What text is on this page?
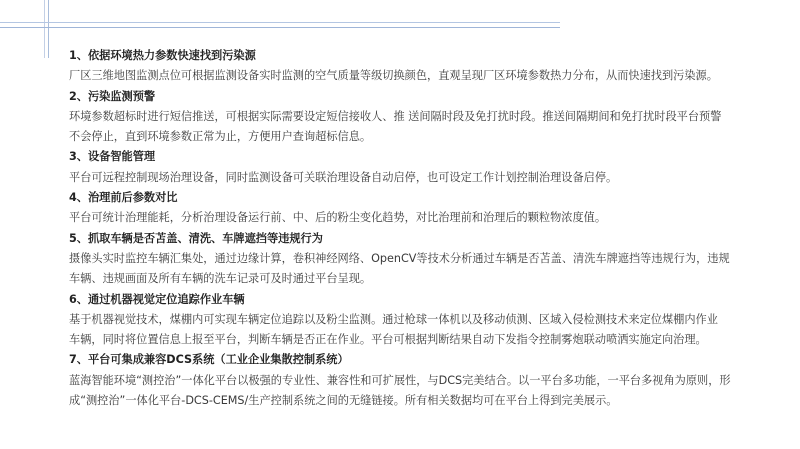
1、依据环境热力参数快速找到污染源
厂区三维地图监测点位可根据监测设备实时监测的空气质量等级切换颜色，直观呈现厂区环境参数热力分布，从而快速找到污染源。
2、污染监测预警
环境参数超标时进行短信推送，可根据实际需要设定短信接收人、推 送间隔时段及免打扰时段。推送间隔期间和免打扰时段平台预警
不会停止，直到环境参数正常为止，方便用户查询超标信息。
3、设备智能管理
平台可远程控制现场治理设备，同时监测设备可关联治理设备自动启停，也可设定工作计划控制治理设备启停。
4、治理前后参数对比
平台可统计治理能耗，分析治理设备运行前、中、后的粉尘变化趋势，对比治理前和治理后的颗粒物浓度值。
5、抓取车辆是否苫盖、清洗、车牌遮挡等违规行为
摄像头实时监控车辆汇集处，通过边缘计算，卷积神经网络、OpenCV等技术分析通过车辆是否苫盖、清洗车牌遮挡等违规行为，违规
车辆、违规画面及所有车辆的洗车记录可及时通过平台呈现。
6、通过机器视觉定位追踪作业车辆
基于机器视觉技术，煤棚内可实现车辆定位追踪以及粉尘监测。通过枪球一体机以及移动侦测、区域入侵检测技术来定位煤棚内作业
车辆，同时将位置信息上报至平台，判断车辆是否正在作业。平台可根据判断结果自动下发指令控制雾炮联动喷洒实施定向治理。
7、平台可集成兼容DCS系统（工业企业集散控制系统）
蓝海智能环境“测控治”一体化平台以极强的专业性、兼容性和可扩展性，与DCS完美结合。以一平台多功能，一平台多视角为原则，形
成“测控治”一体化平台-DCS-CEMS/生产控制系统之间的无缝链接。所有相关数据均可在平台上得到完美展示。
